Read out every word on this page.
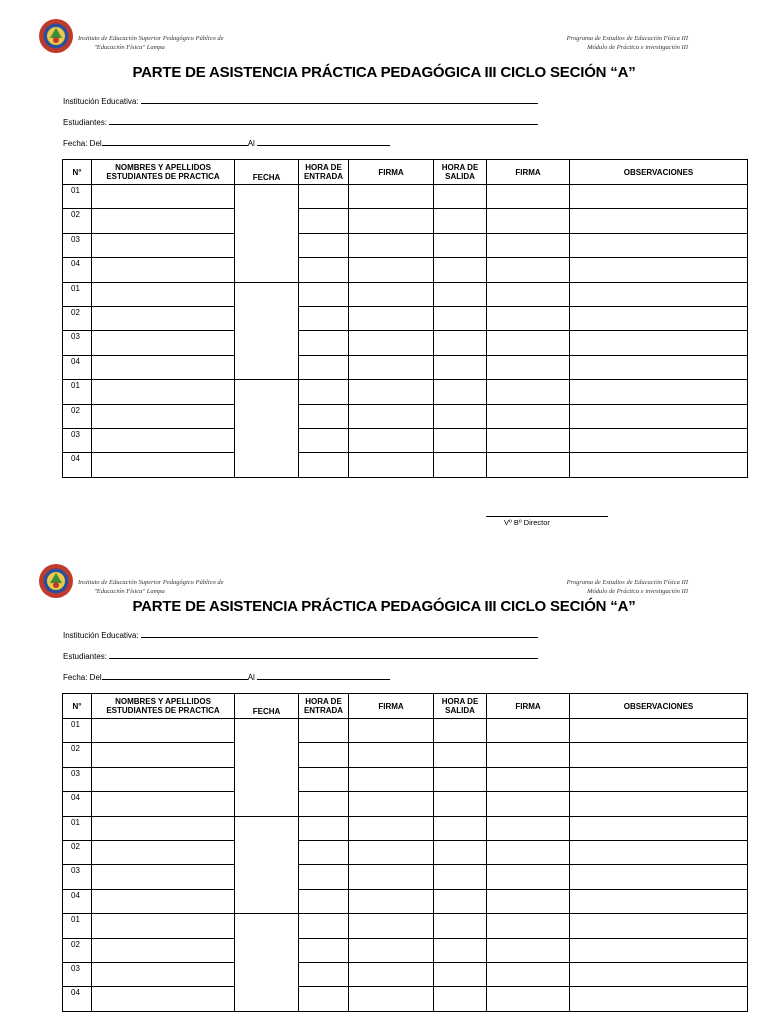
Instituto de Educación Superior Pedagógico Público de
"Educación Física" Lampa
Programa de Estudios de Educación Física III
Módulo de Práctica e investigación III
PARTE DE ASISTENCIA PRÁCTICA PEDAGÓGICA III CICLO SECIÓN “A”
Institución Educativa:
Estudiantes:
Fecha: Del	Al
N°	NOMBRES Y APELLIDOS ESTUDIANTES DE PRACTICA	FECHA	HORA DE ENTRADA	FIRMA	HORA DE SALIDA	FIRMA	OBSERVACIONES
01							
02							
03							
04							
01							
02							
03							
04							
01							
02							
03							
04							
Vº Bº Director
Instituto de Educación Superior Pedagógico Público de
"Educación Física" Lampa
Programa de Estudios de Educación Física III
Módulo de Práctica e investigación III
PARTE DE ASISTENCIA PRÁCTICA PEDAGÓGICA III CICLO SECIÓN “A”
Institución Educativa:
Estudiantes:
Fecha: Del	Al
N°	NOMBRES Y APELLIDOS ESTUDIANTES DE PRACTICA	FECHA	HORA DE ENTRADA	FIRMA	HORA DE SALIDA	FIRMA	OBSERVACIONES
01							
02							
03							
04							
01							
02							
03							
04							
01							
02							
03							
04							
